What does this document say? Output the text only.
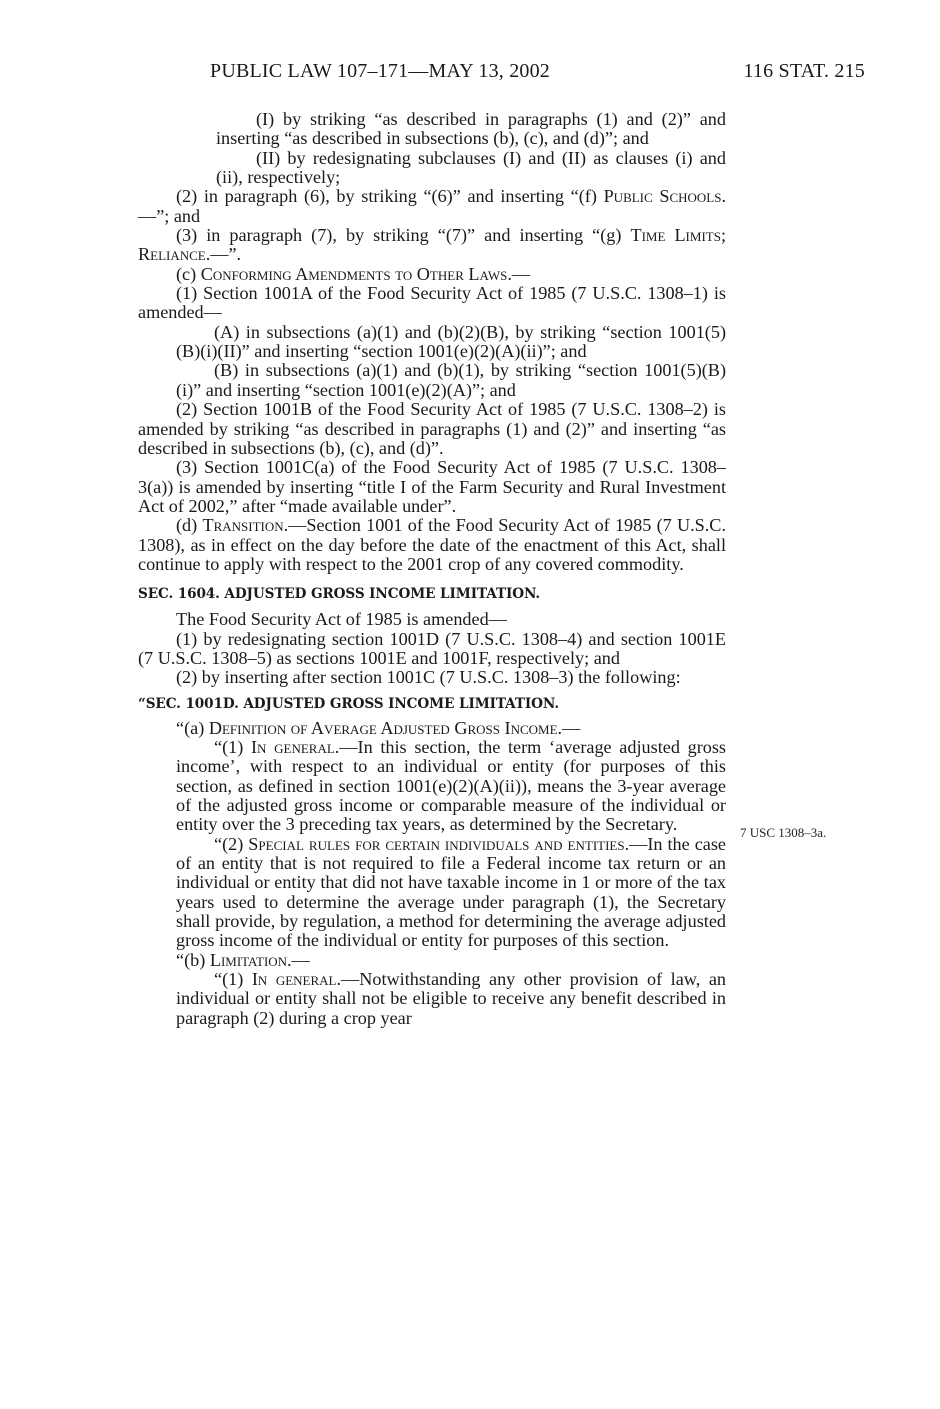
PUBLIC LAW 107–171—MAY 13, 2002	116 STAT. 215

(I) by striking “as described in paragraphs (1) and (2)” and inserting “as described in subsections (b), (c), and (d)”; and

(II) by redesignating subclauses (I) and (II) as clauses (i) and (ii), respectively;

(2) in paragraph (6), by striking “(6)” and inserting “(f) Public Schools.—”; and

(3) in paragraph (7), by striking “(7)” and inserting “(g) Time Limits; Reliance.—”.

(c) Conforming Amendments to Other Laws.—

(1) Section 1001A of the Food Security Act of 1985 (7 U.S.C. 1308–1) is amended—

(A) in subsections (a)(1) and (b)(2)(B), by striking “section 1001(5)(B)(i)(II)” and inserting “section 1001(e)(2)(A)(ii)”; and

(B) in subsections (a)(1) and (b)(1), by striking “section 1001(5)(B)(i)” and inserting “section 1001(e)(2)(A)”; and

(2) Section 1001B of the Food Security Act of 1985 (7 U.S.C. 1308–2) is amended by striking “as described in paragraphs (1) and (2)” and inserting “as described in subsections (b), (c), and (d)”.

(3) Section 1001C(a) of the Food Security Act of 1985 (7 U.S.C. 1308–3(a)) is amended by inserting “title I of the Farm Security and Rural Investment Act of 2002,” after “made available under”.

(d) Transition.—Section 1001 of the Food Security Act of 1985 (7 U.S.C. 1308), as in effect on the day before the date of the enactment of this Act, shall continue to apply with respect to the 2001 crop of any covered commodity.

SEC. 1604. ADJUSTED GROSS INCOME LIMITATION.

The Food Security Act of 1985 is amended—

(1) by redesignating section 1001D (7 U.S.C. 1308–4) and section 1001E (7 U.S.C. 1308–5) as sections 1001E and 1001F, respectively; and

(2) by inserting after section 1001C (7 U.S.C. 1308–3) the following:

“SEC. 1001D. ADJUSTED GROSS INCOME LIMITATION.

“(a) Definition of Average Adjusted Gross Income.—

“(1) In general.—In this section, the term ‘average adjusted gross income’, with respect to an individual or entity (for purposes of this section, as defined in section 1001(e)(2)(A)(ii)), means the 3-year average of the adjusted gross income or comparable measure of the individual or entity over the 3 preceding tax years, as determined by the Secretary.

“(2) Special rules for certain individuals and entities.—In the case of an entity that is not required to file a Federal income tax return or an individual or entity that did not have taxable income in 1 or more of the tax years used to determine the average under paragraph (1), the Secretary shall provide, by regulation, a method for determining the average adjusted gross income of the individual or entity for purposes of this section.

“(b) Limitation.—

“(1) In general.—Notwithstanding any other provision of law, an individual or entity shall not be eligible to receive any benefit described in paragraph (2) during a crop year

7 USC 1308–3a.
